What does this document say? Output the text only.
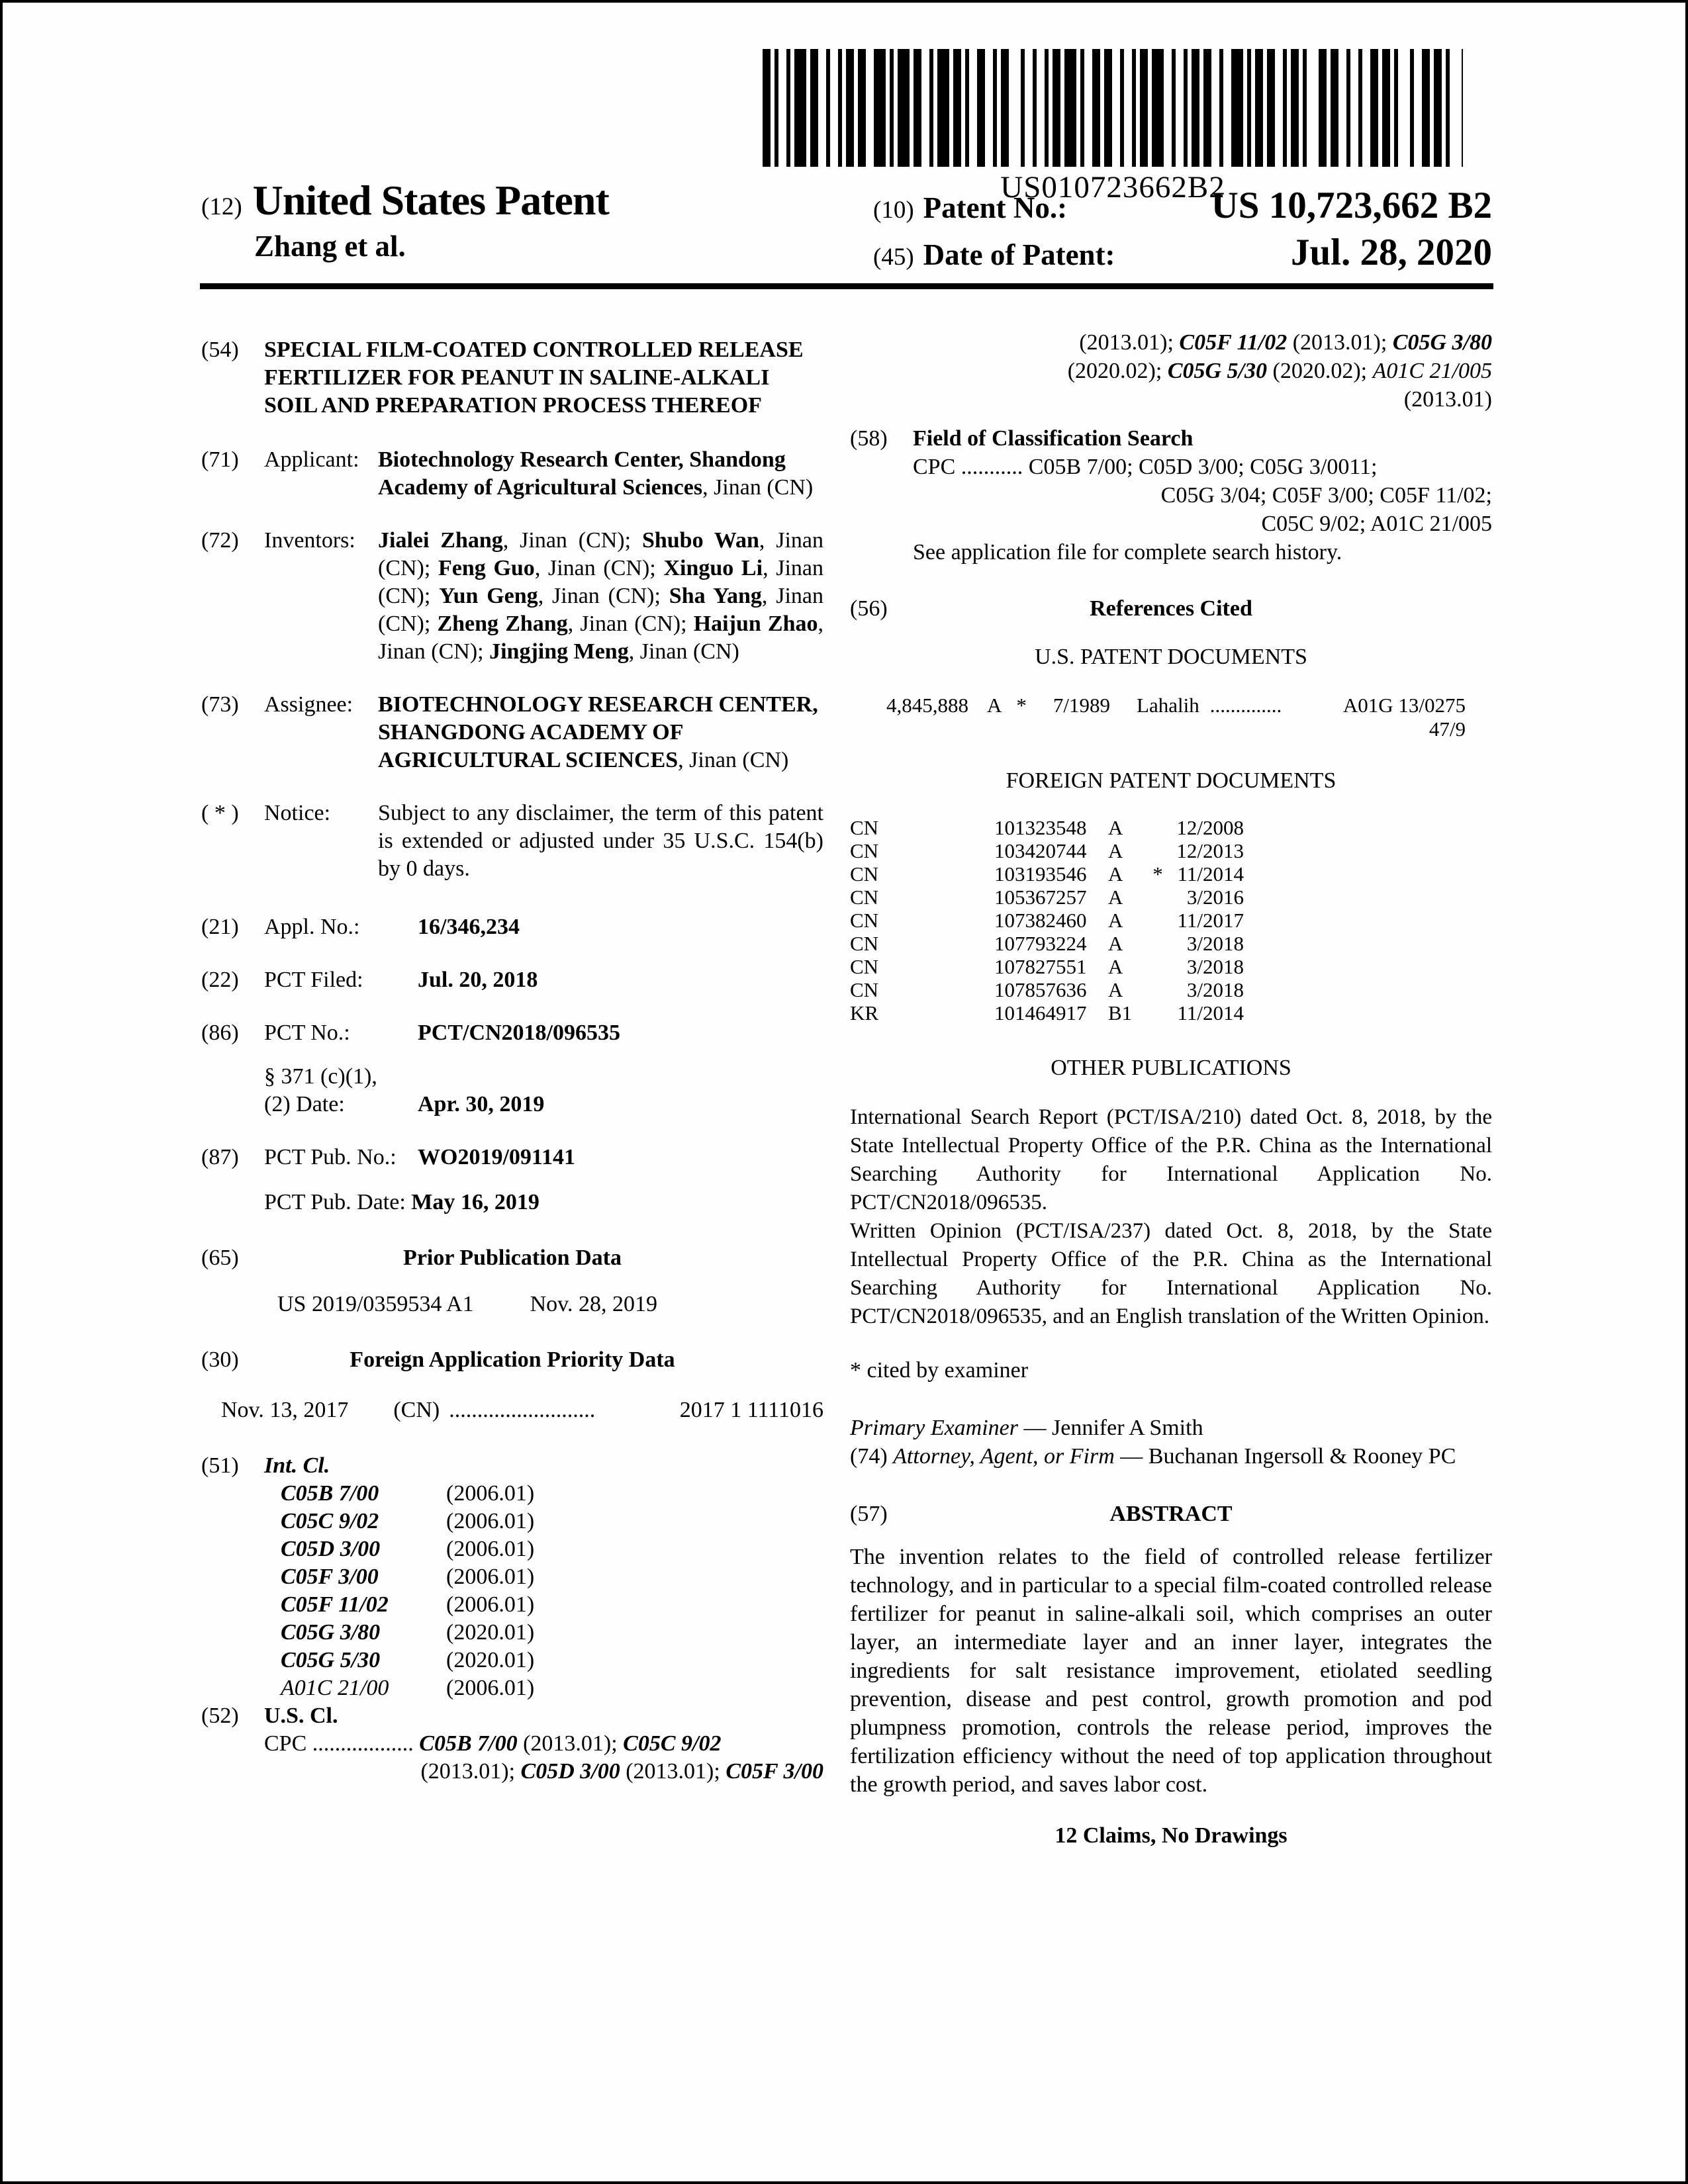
US010723662B2
(12) United States Patent
Zhang et al.
(10) Patent No.:	US 10,723,662 B2
(45) Date of Patent:	Jul. 28, 2020
(54)	SPECIAL FILM-COATED CONTROLLED RELEASE FERTILIZER FOR PEANUT IN SALINE-ALKALI SOIL AND PREPARATION PROCESS THEREOF
(71)	Applicant: Biotechnology Research Center, Shandong Academy of Agricultural Sciences, Jinan (CN)
(72)	Inventors:	Jialei Zhang, Jinan (CN); Shubo Wan, Jinan (CN); Feng Guo, Jinan (CN); Xinguo Li, Jinan (CN); Yun Geng, Jinan (CN); Sha Yang, Jinan (CN); Zheng Zhang, Jinan (CN); Haijun Zhao, Jinan (CN); Jingjing Meng, Jinan (CN)
(73)	Assignee:	BIOTECHNOLOGY RESEARCH CENTER, SHANGDONG ACADEMY OF AGRICULTURAL SCIENCES, Jinan (CN)
( * )	Notice:	Subject to any disclaimer, the term of this patent is extended or adjusted under 35 U.S.C. 154(b) by 0 days.
(21)	Appl. No.:	16/346,234
(22)	PCT Filed:	Jul. 20, 2018
(86)	PCT No.:	PCT/CN2018/096535
§ 371 (c)(1),
(2) Date:	Apr. 30, 2019
(87)	PCT Pub. No.: WO2019/091141
PCT Pub. Date: May 16, 2019
(65)	Prior Publication Data
US 2019/0359534 A1	Nov. 28, 2019
(30)	Foreign Application Priority Data
Nov. 13, 2017 (CN) ..........................	2017 1 1111016
(51)	Int. Cl.
C05B 7/00	(2006.01)
C05C 9/02	(2006.01)
C05D 3/00	(2006.01)
C05F 3/00	(2006.01)
C05F 11/02	(2006.01)
C05G 3/80	(2020.01)
C05G 5/30	(2020.01)
A01C 21/00	(2006.01)
(52)	U.S. Cl.
CPC .................. C05B 7/00 (2013.01); C05C 9/02
(2013.01); C05D 3/00 (2013.01); C05F 3/00
(2013.01); C05F 11/02 (2013.01); C05G 3/80
(2020.02); C05G 5/30 (2020.02); A01C 21/005
(2013.01)
(58)	Field of Classification Search
CPC ........... C05B 7/00; C05D 3/00; C05G 3/0011;
C05G 3/04; C05F 3/00; C05F 11/02;
C05C 9/02; A01C 21/005
See application file for complete search history.
(56)	References Cited
U.S. PATENT DOCUMENTS
4,845,888 A * 7/1989 Lahalih ..............	A01G 13/0275
47/9
FOREIGN PATENT DOCUMENTS
CN	101323548	A	12/2008
CN	103420744	A	12/2013
CN	103193546	A	* 11/2014
CN	105367257	A	3/2016
CN	107382460	A	11/2017
CN	107793224	A	3/2018
CN	107827551	A	3/2018
CN	107857636	A	3/2018
KR	101464917	B1	11/2014
OTHER PUBLICATIONS
International Search Report (PCT/ISA/210) dated Oct. 8, 2018, by the State Intellectual Property Office of the P.R. China as the International Searching Authority for International Application No. PCT/CN2018/096535.
Written Opinion (PCT/ISA/237) dated Oct. 8, 2018, by the State Intellectual Property Office of the P.R. China as the International Searching Authority for International Application No. PCT/CN2018/096535, and an English translation of the Written Opinion.
* cited by examiner
Primary Examiner — Jennifer A Smith
(74) Attorney, Agent, or Firm — Buchanan Ingersoll & Rooney PC
(57)	ABSTRACT
The invention relates to the field of controlled release fertilizer technology, and in particular to a special film-coated controlled release fertilizer for peanut in saline-alkali soil, which comprises an outer layer, an intermediate layer and an inner layer, integrates the ingredients for salt resistance improvement, etiolated seedling prevention, disease and pest control, growth promotion and pod plumpness promotion, controls the release period, improves the fertilization efficiency without the need of top application throughout the growth period, and saves labor cost.
12 Claims, No Drawings
